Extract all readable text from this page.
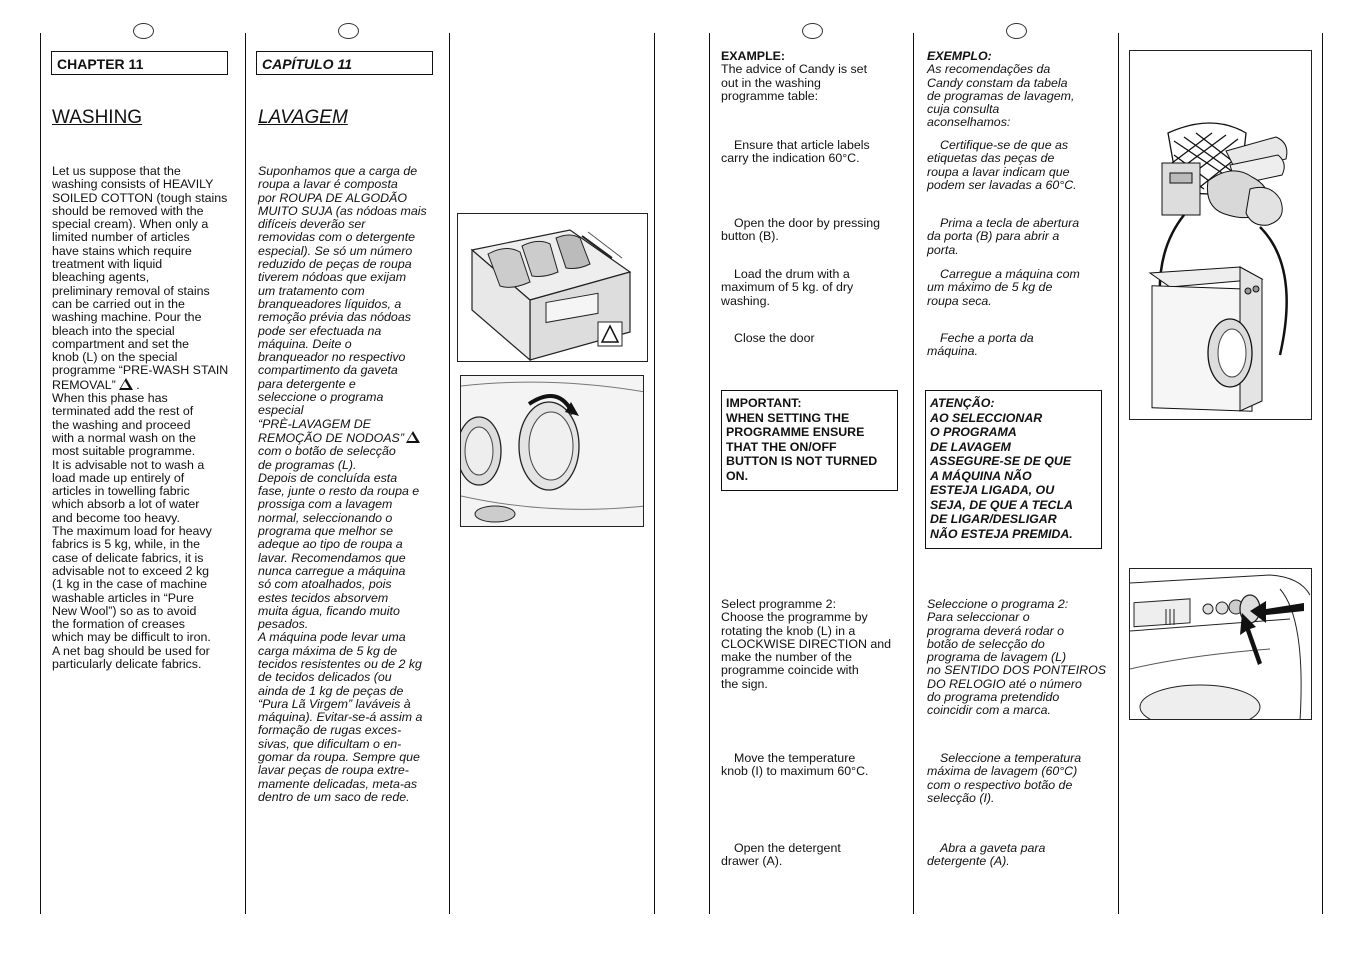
CHAPTER 11
WASHING
Let us suppose that the
washing consists of HEAVILY
SOILED COTTON (tough stains
should be removed with the
special cream). When only a
limited number of articles
have stains which require
treatment with liquid
bleaching agents,
preliminary removal of stains
can be carried out in the
washing machine. Pour the
bleach into the special
compartment and set the
knob (L) on the special
programme “PRE-WASH STAIN
REMOVAL” .
When this phase has
terminated add the rest of
the washing and proceed
with a normal wash on the
most suitable programme.
It is advisable not to wash a
load made up entirely of
articles in towelling fabric
which absorb a lot of water
and become too heavy.
The maximum load for heavy
fabrics is 5 kg, while, in the
case of delicate fabrics, it is
advisable not to exceed 2 kg
(1 kg in the case of machine
washable articles in “Pure
New Wool”) so as to avoid
the formation of creases
which may be difficult to iron.
A net bag should be used for
particularly delicate fabrics.
CAPÍTULO 11
LAVAGEM
Suponhamos que a carga de
roupa a lavar é composta
por ROUPA DE ALGODÃO
MUITO SUJA (as nódoas mais
difíceis deverão ser
removidas com o detergente
especial). Se só um número
reduzido de peças de roupa
tiverem nódoas que exijam
um tratamento com
branqueadores líquidos, a
remoção prévia das nódoas
pode ser efectuada na
máquina. Deite o
branqueador no respectivo
compartimento da gaveta
para detergente e
seleccione o programa
especial
“PRÈ-LAVAGEM DE
REMOÇÃO DE NODOAS”
com o botão de selecção
de programas (L).
Depois de concluída esta
fase, junte o resto da roupa e
prossiga com a lavagem
normal, seleccionando o
programa que melhor se
adeque ao tipo de roupa a
lavar. Recomendamos que
nunca carregue a máquina
só com atoalhados, pois
estes tecidos absorvem
muita água, ficando muito
pesados.
A máquina pode levar uma
carga máxima de 5 kg de
tecidos resistentes ou de 2 kg
de tecidos delicados (ou
ainda de 1 kg de peças de
“Pura Lã Virgem” laváveis à
máquina). Evitar-se-á assim a
formação de rugas exces-
sivas, que dificultam o en-
gomar da roupa. Sempre que
lavar peças de roupa extre-
mamente delicadas, meta-as
dentro de um saco de rede.
EXAMPLE:
The advice of Candy is set
out in the washing
programme table:
Ensure that article labels
carry the indication 60°C.
Open the door by pressing
button (B).
Load the drum with a
maximum of 5 kg. of dry
washing.
Close the door
IMPORTANT:
WHEN SETTING THE
PROGRAMME ENSURE
THAT THE ON/OFF
BUTTON IS NOT TURNED
ON.
Select programme 2:
Choose the programme by
rotating the knob (L) in a
CLOCKWISE DIRECTION and
make the number of the
programme coincide with
the sign.
Move the temperature
knob (I) to maximum 60°C.
Open the detergent
drawer (A).
EXEMPLO:
As recomendações da
Candy constam da tabela
de programas de lavagem,
cuja consulta
aconselhamos:
Certifique-se de que as
etiquetas das peças de
roupa a lavar indicam que
podem ser lavadas a 60°C.
Prima a tecla de abertura
da porta (B) para abrir a
porta.
Carregue a máquina com
um máximo de 5 kg de
roupa seca.
Feche a porta da
máquina.
ATENÇÃO:
AO SELECCIONAR
O PROGRAMA
DE LAVAGEM
ASSEGURE-SE DE QUE
A MÁQUINA NÃO
ESTEJA LIGADA, OU
SEJA, DE QUE A TECLA
DE LIGAR/DESLIGAR
NÃO ESTEJA PREMIDA.
Seleccione o programa 2:
Para seleccionar o
programa deverá rodar o
botão de selecção do
programa de lavagem (L)
no SENTIDO DOS PONTEIROS
DO RELOGIO até o número
do programa pretendido
coincidir com a marca.
Seleccione a temperatura
máxima de lavagem (60°C)
com o respectivo botão de
selecção (I).
Abra a gaveta para
detergente (A).
